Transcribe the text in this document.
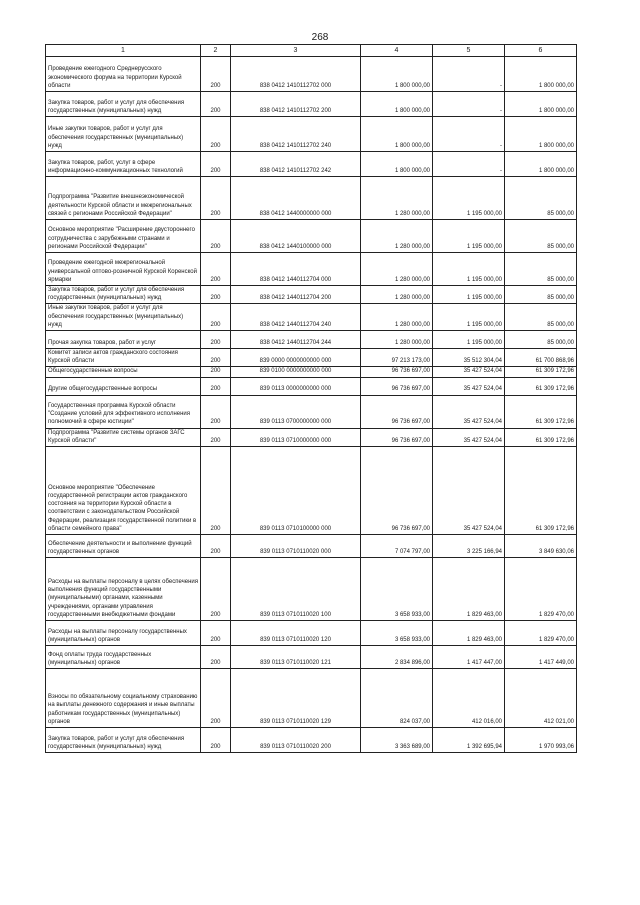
268
1	2	3	4	5	6
Проведение ежегодного Среднерусского экономического форума на территории Курской области	200	838 0412 1410112702 000	1 800 000,00	-	1 800 000,00
Закупка товаров, работ и услуг для обеспечения государственных (муниципальных) нужд	200	838 0412 1410112702 200	1 800 000,00	-	1 800 000,00
Иные закупки товаров, работ и услуг для обеспечения государственных (муниципальных) нужд	200	838 0412 1410112702 240	1 800 000,00	-	1 800 000,00
Закупка товаров, работ, услуг в сфере информационно-коммуникационных технологий	200	838 0412 1410112702 242	1 800 000,00	-	1 800 000,00
Подпрограмма "Развитие внешнеэкономической деятельности Курской области и межрегиональных связей с регионами Российской Федерации"	200	838 0412 1440000000 000	1 280 000,00	1 195 000,00	85 000,00
Основное мероприятие "Расширение двустороннего сотрудничества с зарубежными странами и регионами Российской Федерации"	200	838 0412 1440100000 000	1 280 000,00	1 195 000,00	85 000,00
Проведение ежегодной межрегиональной универсальной оптово-розничной Курской Коренской ярмарки	200	838 0412 1440112704 000	1 280 000,00	1 195 000,00	85 000,00
Закупка товаров, работ и услуг для обеспечения государственных (муниципальных) нужд	200	838 0412 1440112704 200	1 280 000,00	1 195 000,00	85 000,00
Иные закупки товаров, работ и услуг для обеспечения государственных (муниципальных) нужд	200	838 0412 1440112704 240	1 280 000,00	1 195 000,00	85 000,00
Прочая закупка товаров, работ и услуг	200	838 0412 1440112704 244	1 280 000,00	1 195 000,00	85 000,00
Комитет записи актов гражданского состояния Курской области	200	839 0000 0000000000 000	97 213 173,00	35 512 304,04	61 700 868,96
Общегосударственные вопросы	200	839 0100 0000000000 000	96 736 697,00	35 427 524,04	61 309 172,96
Другие общегосударственные вопросы	200	839 0113 0000000000 000	96 736 697,00	35 427 524,04	61 309 172,96
Государственная программа Курской области "Создание условий для эффективного исполнения полномочий в сфере юстиции"	200	839 0113 0700000000 000	96 736 697,00	35 427 524,04	61 309 172,96
Подпрограмма "Развитие системы органов ЗАГС Курской области"	200	839 0113 0710000000 000	96 736 697,00	35 427 524,04	61 309 172,96
Основное мероприятие "Обеспечение государственной регистрации актов гражданского состояния на территории Курской области в соответствии с законодательством Российской Федерации, реализация государственной политики в области семейного права"	200	839 0113 0710100000 000	96 736 697,00	35 427 524,04	61 309 172,96
Обеспечение деятельности и выполнение функций государственных органов	200	839 0113 0710110020 000	7 074 797,00	3 225 166,94	3 849 630,06
Расходы на выплаты персоналу в целях обеспечения выполнения функций государственными (муниципальными) органами, казенными учреждениями, органами управления государственными внебюджетными фондами	200	839 0113 0710110020 100	3 658 933,00	1 829 463,00	1 829 470,00
Расходы на выплаты персоналу государственных (муниципальных) органов	200	839 0113 0710110020 120	3 658 933,00	1 829 463,00	1 829 470,00
Фонд оплаты труда государственных (муниципальных) органов	200	839 0113 0710110020 121	2 834 896,00	1 417 447,00	1 417 449,00
Взносы по обязательному социальному страхованию на выплаты денежного содержания и иные выплаты работникам государственных (муниципальных) органов	200	839 0113 0710110020 129	824 037,00	412 016,00	412 021,00
Закупка товаров, работ и услуг для обеспечения государственных (муниципальных) нужд	200	839 0113 0710110020 200	3 363 689,00	1 392 695,94	1 970 993,06
